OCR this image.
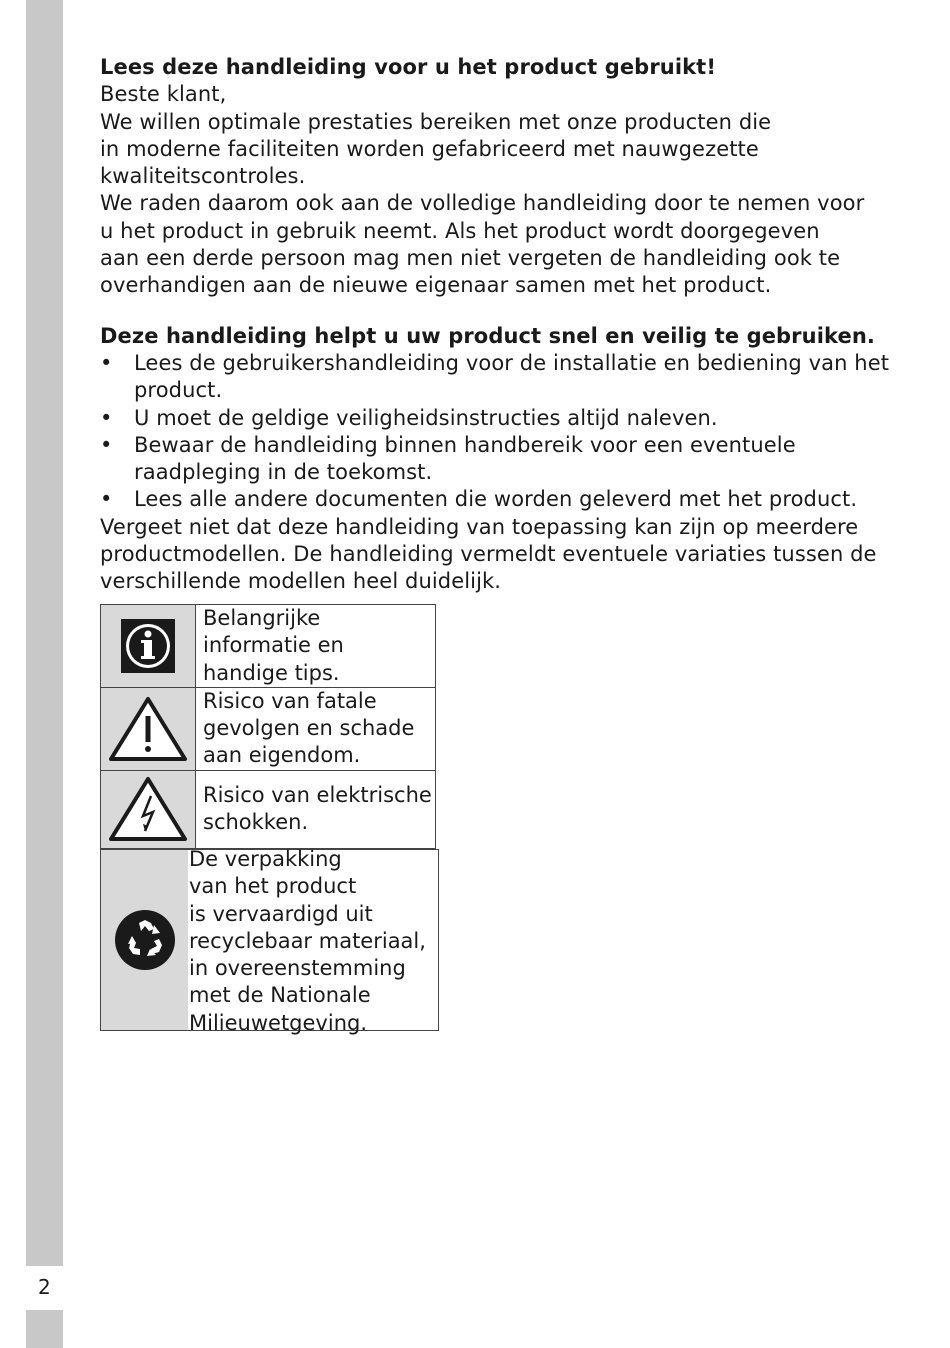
2

Lees deze handleiding voor u het product gebruikt!

Beste klant,

We willen optimale prestaties bereiken met onze producten die

in moderne faciliteiten worden gefabriceerd met nauwgezette

kwaliteitscontroles.

We raden daarom ook aan de volledige handleiding door te nemen voor

u het product in gebruik neemt. Als het product wordt doorgegeven

aan een derde persoon mag men niet vergeten de handleiding ook te

overhandigen aan de nieuwe eigenaar samen met het product.

Deze handleiding helpt u uw product snel en veilig te gebruiken.

• Lees de gebruikershandleiding voor de installatie en bediening van het product.
• U moet de geldige veiligheidsinstructies altijd naleven.
• Bewaar de handleiding binnen handbereik voor een eventuele raadpleging in de toekomst.
• Lees alle andere documenten die worden geleverd met het product.

Vergeet niet dat deze handleiding van toepassing kan zijn op meerdere

productmodellen. De handleiding vermeldt eventuele variaties tussen de

verschillende modellen heel duidelijk.

Belangrijke
informatie en
handige tips.

Risico van fatale
gevolgen en schade
aan eigendom.

Risico van elektrische
schokken.
De verpakking
van het product
is vervaardigd uit
recyclebaar materiaal,
in overeenstemming
met de Nationale
Milieuwetgeving.
